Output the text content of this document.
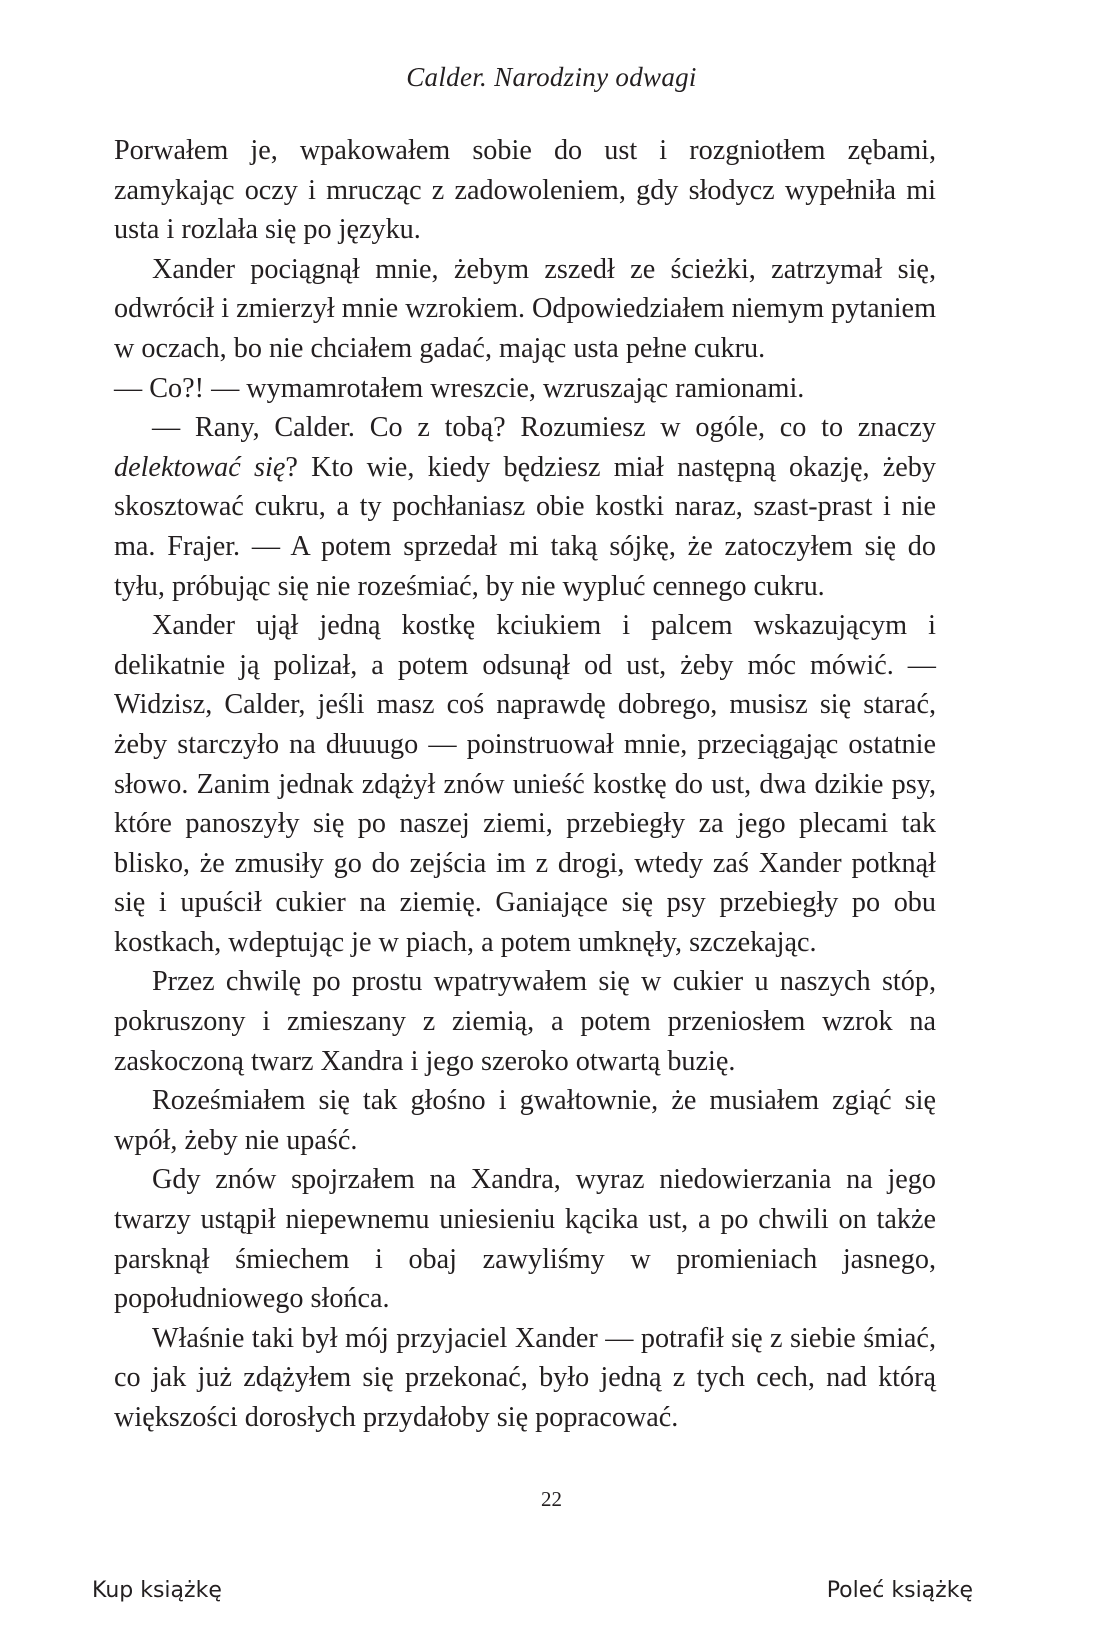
Calder. Narodziny odwagi

Porwałem je, wpakowałem sobie do ust i rozgniotłem zębami, zamykając oczy i mrucząc z zadowoleniem, gdy słodycz wypełniła mi usta i rozlała się po języku.

Xander pociągnął mnie, żebym zszedł ze ścieżki, zatrzymał się, odwrócił i zmierzył mnie wzrokiem. Odpowiedziałem niemym pytaniem w oczach, bo nie chciałem gadać, mając usta pełne cukru.

— Co?! — wymamrotałem wreszcie, wzruszając ramionami.

— Rany, Calder. Co z tobą? Rozumiesz w ogóle, co to znaczy delektować się? Kto wie, kiedy będziesz miał następną okazję, żeby skosztować cukru, a ty pochłaniasz obie kostki naraz, szast-prast i nie ma. Frajer. — A potem sprzedał mi taką sójkę, że zatoczyłem się do tyłu, próbując się nie roześmiać, by nie wypluć cennego cukru.

Xander ujął jedną kostkę kciukiem i palcem wskazującym i delikatnie ją polizał, a potem odsunął od ust, żeby móc mówić. — Widzisz, Calder, jeśli masz coś naprawdę dobrego, musisz się starać, żeby starczyło na dłuuugo — poinstruował mnie, przeciągając ostatnie słowo. Zanim jednak zdążył znów unieść kostkę do ust, dwa dzikie psy, które panoszyły się po naszej ziemi, przebiegły za jego plecami tak blisko, że zmusiły go do zejścia im z drogi, wtedy zaś Xander potknął się i upuścił cukier na ziemię. Ganiające się psy przebiegły po obu kostkach, wdeptując je w piach, a potem umknęły, szczekając.

Przez chwilę po prostu wpatrywałem się w cukier u naszych stóp, pokruszony i zmieszany z ziemią, a potem przeniosłem wzrok na zaskoczoną twarz Xandra i jego szeroko otwartą buzię.

Roześmiałem się tak głośno i gwałtownie, że musiałem zgiąć się wpół, żeby nie upaść.

Gdy znów spojrzałem na Xandra, wyraz niedowierzania na jego twarzy ustąpił niepewnemu uniesieniu kącika ust, a po chwili on także parsknął śmiechem i obaj zawyliśmy w promieniach jasnego, popołudniowego słońca.

Właśnie taki był mój przyjaciel Xander — potrafił się z siebie śmiać, co jak już zdążyłem się przekonać, było jedną z tych cech, nad którą większości dorosłych przydałoby się popracować.

22
Kup książkę	Poleć książkę
